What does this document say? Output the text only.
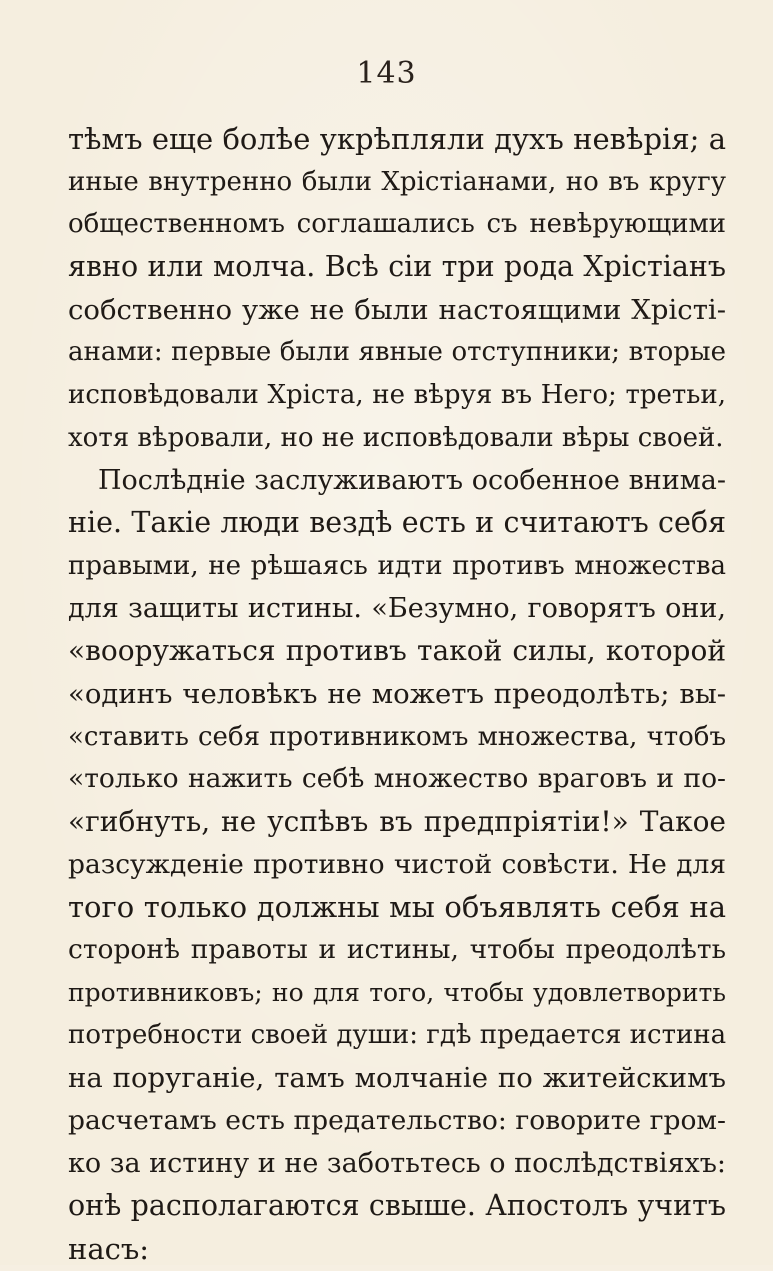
143
тѣмъ еще болѣе укрѣпляли духъ невѣрія; а
иные внутренно были Хрістіанами, но въ кругу
общественномъ соглашались съ невѣрующими
явно или молча. Всѣ сіи три рода Хрістіанъ
собственно уже не были настоящими Хрісті-
анами: первые были явные отступники; вторые
исповѣдовали Хріста, не вѣруя въ Него; третьи,
хотя вѣровали, но не исповѣдовали вѣры своей.
Послѣдніе заслуживаютъ особенное внима-
ніе. Такіе люди вездѣ есть и считаютъ себя
правыми, не рѣшаясь идти противъ множества
для защиты истины. «Безумно, говорятъ они,
«вооружаться противъ такой силы, которой
«одинъ человѣкъ не можетъ преодолѣть; вы-
«ставить себя противникомъ множества, чтобъ
«только нажить себѣ множество враговъ и по-
«гибнуть, не успѣвъ въ предпріятіи!» Такое
разсужденіе противно чистой совѣсти. Не для
того только должны мы объявлять себя на
сторонѣ правоты и истины, чтобы преодолѣть
противниковъ; но для того, чтобы удовлетворить
потребности своей души: гдѣ предается истина
на поруганіе, тамъ молчаніе по житейскимъ
расчетамъ есть предательство: говорите гром-
ко за истину и не заботьтесь о послѣдствіяхъ:
онѣ располагаются свыше. Апостолъ учитъ
насъ:
